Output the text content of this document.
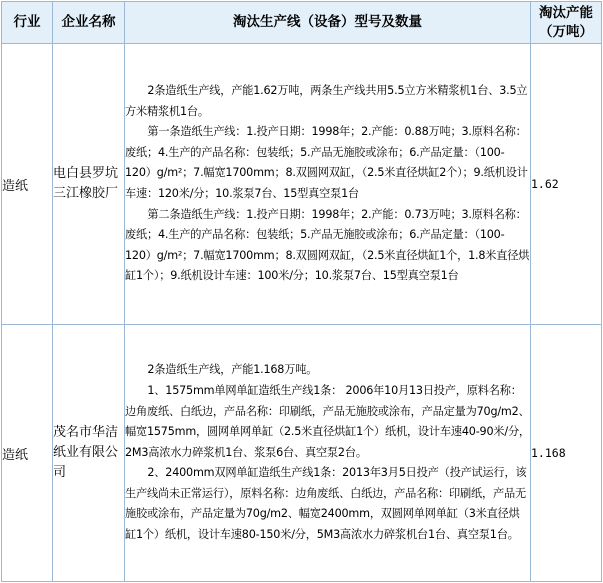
行业	企业名称	淘汰生产线（设备）型号及数量	淘汰产能（万吨）
造纸	电白县罗坑三江橡胶厂	2条造纸生产线，产能1.62万吨，两条生产线共用5.5立方米精浆机1台、3.5立方米精浆机1台。

第一条造纸生产线：1.投产日期：1998年；2.产能：0.88万吨；3.原料名称：废纸；4.生产的产品名称：包装纸；5.产品无施胶或涂布；6.产品定量：（100-120）g/m²；7.幅宽1700mm；8.双圆网双缸，（2.5米直径烘缸2个）；9.纸机设计车速：120米/分；10.浆泵7台、15型真空泵1台

第二条造纸生产线：1.投产日期：1998年；2.产能：0.73万吨；3.原料名称：废纸；4.生产的产品名称：包装纸；5.产品无施胶或涂布；6.产品定量：（100-120）g/m²；7.幅宽1700mm；8.双圆网双缸，（2.5米直径烘缸1个，1.8米直径烘缸1个）；9.纸机设计车速：100米/分；10.浆泵7台、15型真空泵1台	1.62
造纸	茂名市华洁纸业有限公司	2条造纸生产线，产能1.168万吨。

1、1575mm单网单缸造纸生产线1条： 2006年10月13日投产，原料名称：边角废纸、白纸边，产品名称：印刷纸，产品无施胶或涂布，产品定量为70g/m2、幅宽1575mm，圆网单网单缸（2.5米直径烘缸1个）纸机，设计车速40-90米/分，2M3高浓水力碎浆机1台、浆泵6台、真空泵2台。

2、2400mm双网单缸造纸生产线1条：2013年3月5日投产（投产试运行，该生产线尚未正常运行），原料名称：边角废纸、白纸边，产品名称：印刷纸，产品无施胶或涂布，产品定量为70g/m2、幅宽2400mm，双圆网单网单缸（3米直径烘缸1个）纸机，设计车速80-150米/分，5M3高浓水力碎浆机台1台、真空泵1台。	1.168
